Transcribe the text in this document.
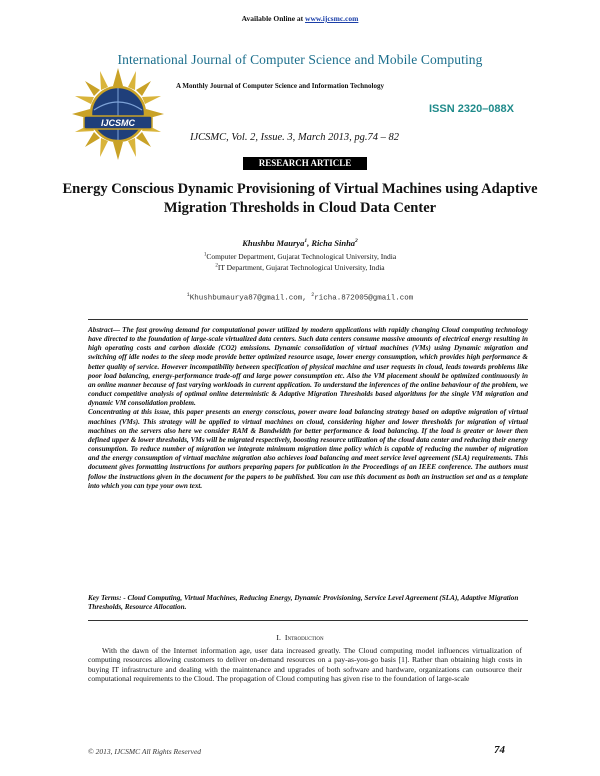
Available Online at www.ijcsmc.com
International Journal of Computer Science and Mobile Computing
IJCSMC
A Monthly Journal of Computer Science and Information Technology
ISSN 2320–088X
IJCSMC, Vol. 2, Issue. 3, March 2013, pg.74 – 82
RESEARCH ARTICLE
Energy Conscious Dynamic Provisioning of Virtual Machines using Adaptive Migration Thresholds in Cloud Data Center
Khushbu Maurya$^1$, Richa Sinha$^2$
$^1$Computer Department, Gujarat Technological University, India
$^2$IT Department, Gujarat Technological University, India
$^1$Khushbumaurya87@gmail.com, $^2$richa.872005@gmail.com

Abstract— The fast growing demand for computational power utilized by modern applications with rapidly changing Cloud computing technology have directed to the foundation of large-scale virtualized data centers. Such data centers consume massive amounts of electrical energy resulting in high operating costs and carbon dioxide (CO2) emissions. Dynamic consolidation of virtual machines (VMs) using Dynamic migration and switching off idle nodes to the sleep mode provide better optimized resource usage, lower energy consumption, which provides high performance & better quality of service. However incompatibility between specification of physical machine and user requests in cloud, leads towards problems like poor load balancing, energy-performance trade-off and large power consumption etc. Also the VM placement should be optimized continuously in an online manner because of fast varying workloads in current application. To understand the inferences of the online behaviour of the problem, we conduct competitive analysis of optimal online deterministic & Adaptive Migration Thresholds based algorithms for the single VM migration and dynamic VM consolidation problem.

Concentrating at this issue, this paper presents an energy conscious, power aware load balancing strategy based on adaptive migration of virtual machines (VMs). This strategy will be applied to virtual machines on cloud, considering higher and lower thresholds for migration of virtual machines on the servers also here we consider RAM & Bandwidth for better performance & load balancing. If the load is greater or lower then defined upper & lower thresholds, VMs will be migrated respectively, boosting resource utilization of the cloud data center and reducing their energy consumption. To reduce number of migration we integrate minimum migration time policy which is capable of reducing the number of migration and the energy consumption of virtual machine migration also achieves load balancing and meet service level agreement (SLA) requirements. This document gives formatting instructions for authors preparing papers for publication in the Proceedings of an IEEE conference. The authors must follow the instructions given in the document for the papers to be published. You can use this document as both an instruction set and as a template into which you can type your own text.

Key Terms: - Cloud Computing, Virtual Machines, Reducing Energy, Dynamic Provisioning, Service Level Agreement (SLA), Adaptive Migration Thresholds, Resource Allocation.
I. Introduction

With the dawn of the Internet information age, user data increased greatly. The Cloud computing model influences virtualization of computing resources allowing customers to deliver on-demand resources on a pay-as-you-go basis [1]. Rather than obtaining high costs in buying IT infrastructure and dealing with the maintenance and upgrades of both software and hardware, organizations can outsource their computational requirements to the Cloud. The propagation of Cloud computing has given rise to the foundation of large-scale

© 2013, IJCSMC All Rights Reserved	74
